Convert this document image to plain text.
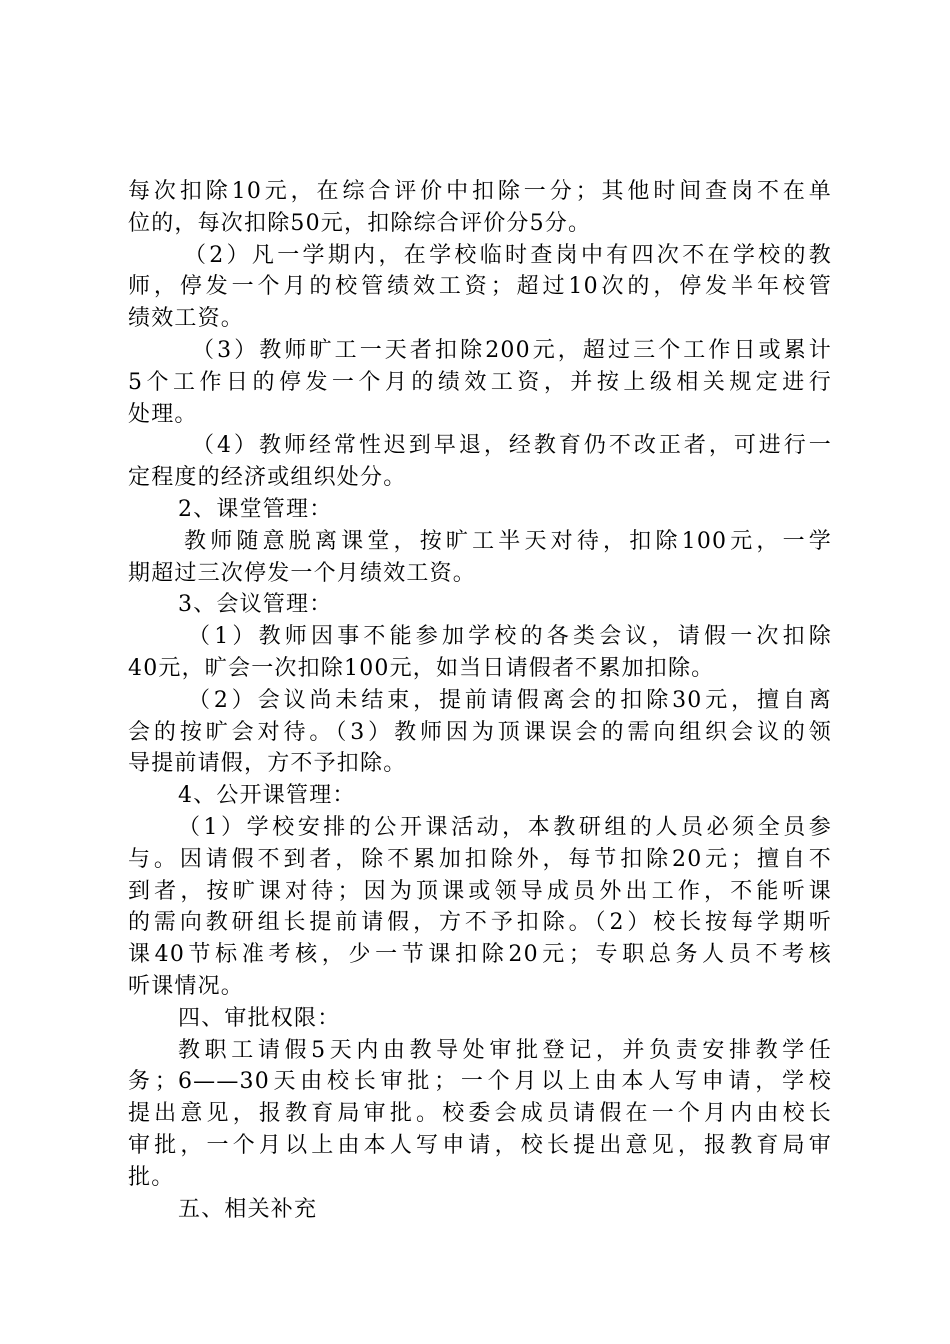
每次扣除10元，在综合评价中扣除一分；其他时间查岗不在单
位的，每次扣除50元，扣除综合评价分5分。
（2）凡一学期内，在学校临时查岗中有四次不在学校的教
师，停发一个月的校管绩效工资；超过10次的，停发半年校管
绩效工资。
（3）教师旷工一天者扣除200元，超过三个工作日或累计
5个工作日的停发一个月的绩效工资，并按上级相关规定进行
处理。
（4）教师经常性迟到早退，经教育仍不改正者，可进行一
定程度的经济或组织处分。
2、课堂管理：
教师随意脱离课堂，按旷工半天对待，扣除100元，一学
期超过三次停发一个月绩效工资。
3、会议管理：
（1）教师因事不能参加学校的各类会议，请假一次扣除
40元，旷会一次扣除100元，如当日请假者不累加扣除。
（2）会议尚未结束，提前请假离会的扣除30元，擅自离
会的按旷会对待。（3）教师因为顶课误会的需向组织会议的领
导提前请假，方不予扣除。
4、公开课管理：
（1）学校安排的公开课活动，本教研组的人员必须全员参
与。因请假不到者，除不累加扣除外，每节扣除20元；擅自不
到者，按旷课对待；因为顶课或领导成员外出工作，不能听课
的需向教研组长提前请假，方不予扣除。（2）校长按每学期听
课40节标准考核，少一节课扣除20元；专职总务人员不考核
听课情况。
四、审批权限：
教职工请假5天内由教导处审批登记，并负责安排教学任
务；6——30天由校长审批；一个月以上由本人写申请，学校
提出意见，报教育局审批。校委会成员请假在一个月内由校长
审批，一个月以上由本人写申请，校长提出意见，报教育局审
批。
五、相关补充
